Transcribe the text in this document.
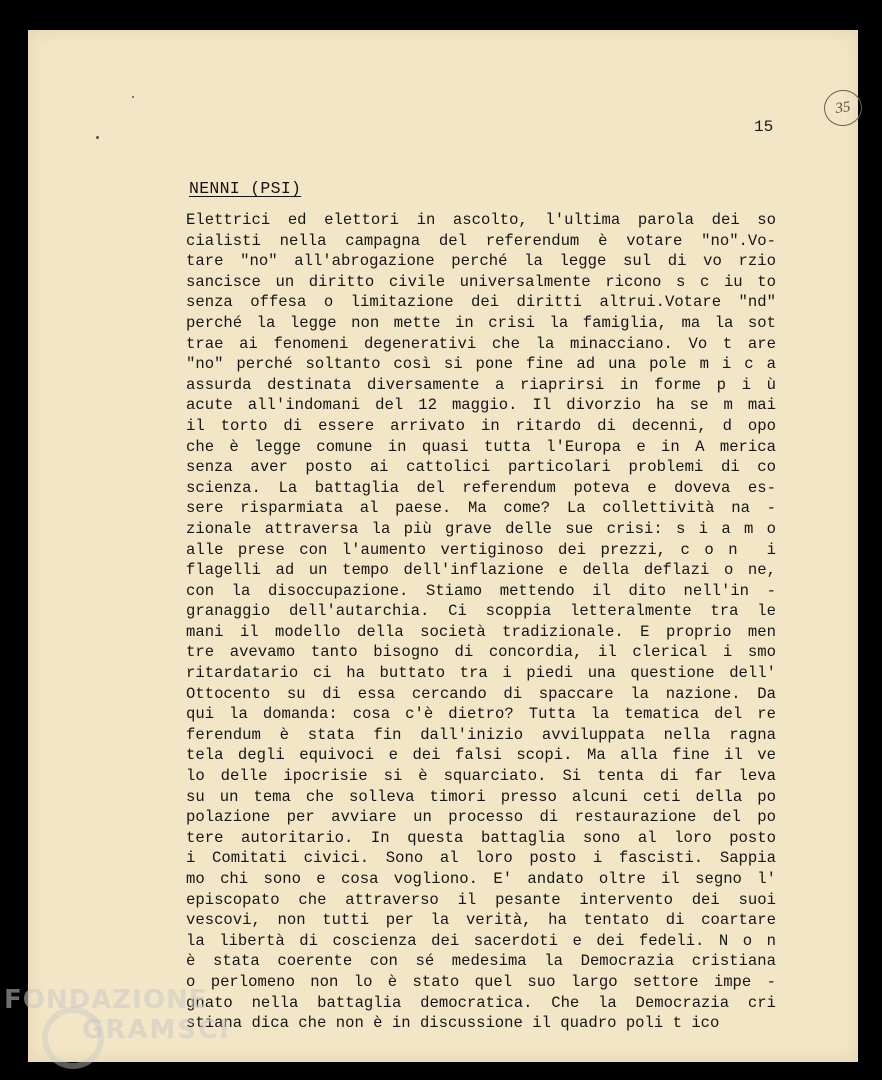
35
15
NENNI (PSI)
Elettrici ed elettori in ascolto, l'ultima parola dei so
cialisti nella campagna del referendum è votare "no".Vo-
tare "no" all'abrogazione perché la legge sul di vo rzio
sancisce un diritto civile universalmente ricono s c iu to
senza offesa o limitazione dei diritti altrui.Votare "nd"
perché la legge non mette in crisi la famiglia, ma la sot
trae ai fenomeni degenerativi che la minacciano. Vo t are
"no" perché soltanto così si pone fine ad una pole m i c a
assurda destinata diversamente a riaprirsi in forme p i ù
acute all'indomani del 12 maggio. Il divorzio ha se m mai
il torto di essere arrivato in ritardo di decenni, d opo
che è legge comune in quasi tutta l'Europa e in A merica
senza aver posto ai cattolici particolari problemi di co
scienza. La battaglia del referendum poteva e doveva es-
sere risparmiata al paese. Ma come? La collettività na -
zionale attraversa la più grave delle sue crisi: s i a m o
alle prese con l'aumento vertiginoso dei prezzi, c o n  i
flagelli ad un tempo dell'inflazione e della deflazi o ne,
con la disoccupazione. Stiamo mettendo il dito nell'in -
granaggio dell'autarchia. Ci scoppia letteralmente tra le
mani il modello della società tradizionale. E proprio men
tre avevamo tanto bisogno di concordia, il clerical i smo
ritardatario ci ha buttato tra i piedi una questione dell'
Ottocento su di essa cercando di spaccare la nazione. Da
qui la domanda: cosa c'è dietro? Tutta la tematica del re
ferendum è stata fin dall'inizio avviluppata nella ragna
tela degli equivoci e dei falsi scopi. Ma alla fine il ve
lo delle ipocrisie si è squarciato. Si tenta di far leva
su un tema che solleva timori presso alcuni ceti della po
polazione per avviare un processo di restaurazione del po
tere autoritario. In questa battaglia sono al loro posto
i Comitati civici. Sono al loro posto i fascisti. Sappia
mo chi sono e cosa vogliono. E' andato oltre il segno l'
episcopato che attraverso il pesante intervento dei suoi
vescovi, non tutti per la verità, ha tentato di coartare
la libertà di coscienza dei sacerdoti e dei fedeli. N o n
è stata coerente con sé medesima la Democrazia cristiana
o perlomeno non lo è stato quel suo largo settore impe -
gnato nella battaglia democratica. Che la Democrazia cri
stiana dica che non è in discussione il quadro poli t ico
FONDAZIONE
GRAMSCI
